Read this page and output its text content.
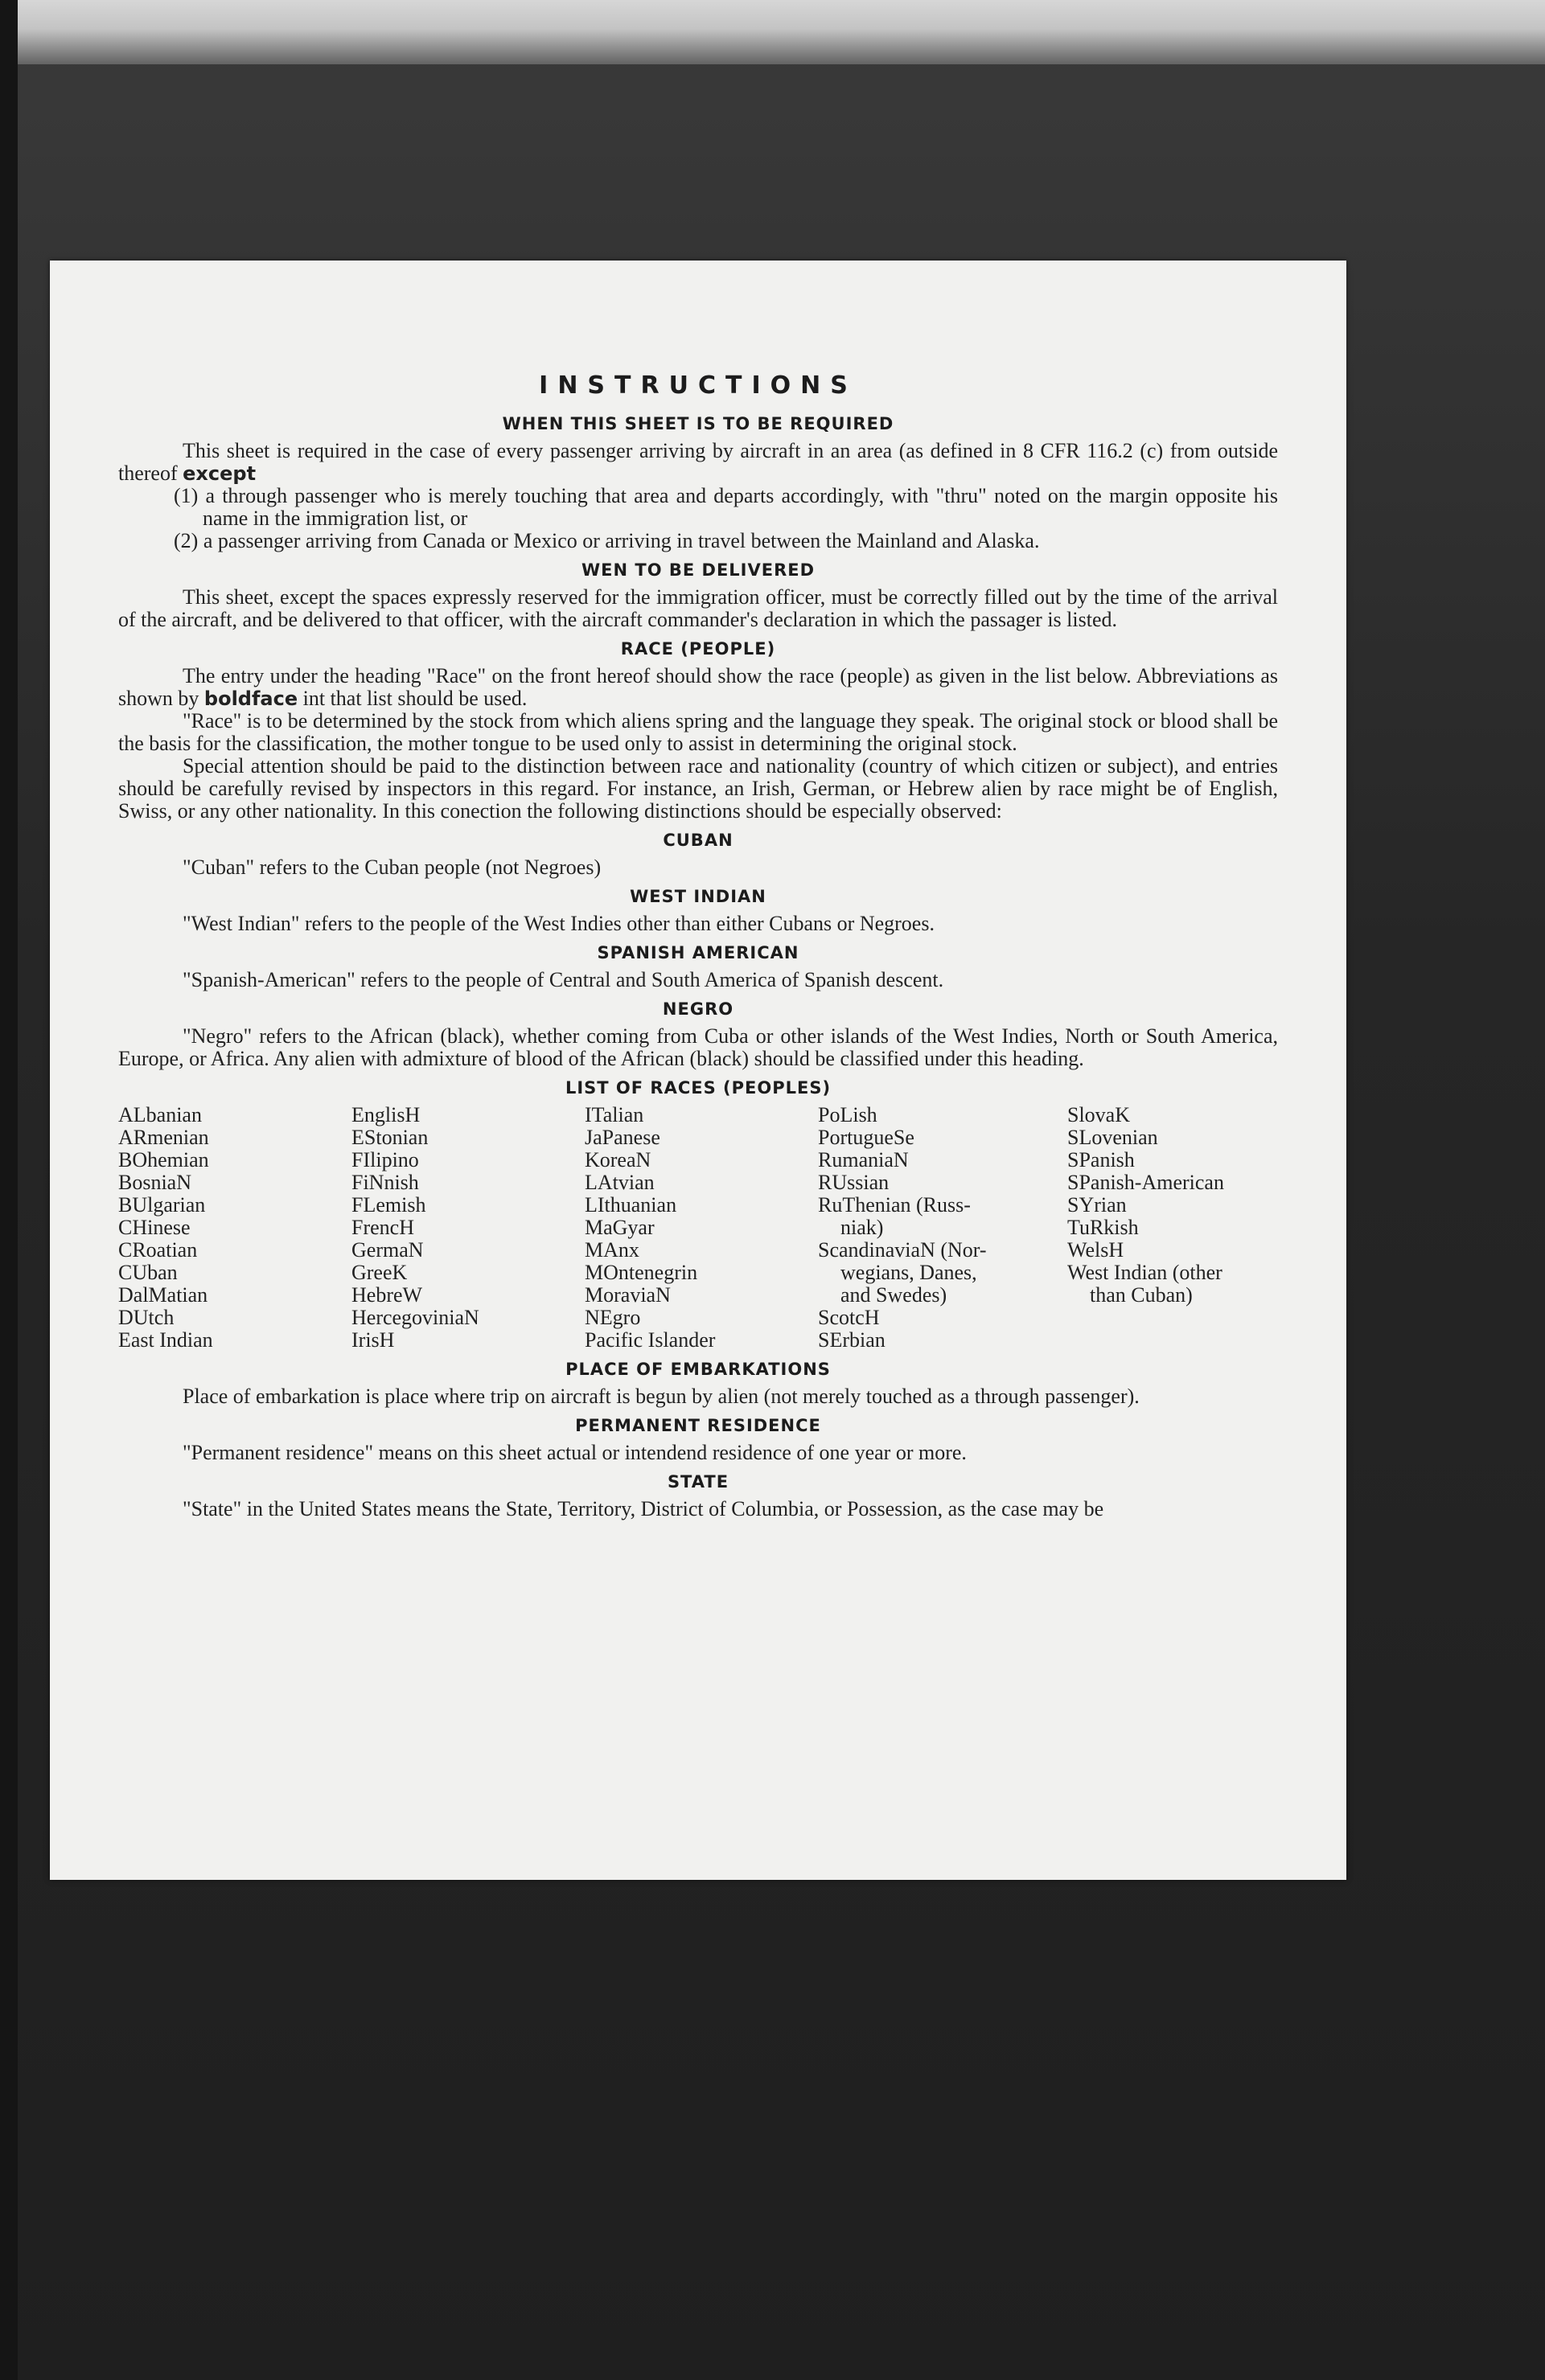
INSTRUCTIONS
WHEN THIS SHEET IS TO BE REQUIRED

This sheet is required in the case of every passenger arriving by aircraft in an area (as defined in 8 CFR 116.2 (c) from outside thereof except

(1) a through passenger who is merely touching that area and departs accordingly, with "thru" noted on the margin opposite his name in the immigration list, or
(2) a passenger arriving from Canada or Mexico or arriving in travel between the Mainland and Alaska.
WEN TO BE DELIVERED

This sheet, except the spaces expressly reserved for the immigration officer, must be correctly filled out by the time of the arrival of the aircraft, and be delivered to that officer, with the aircraft commander's declaration in which the passager is listed.

RACE (PEOPLE)

The entry under the heading "Race" on the front hereof should show the race (people) as given in the list below. Abbreviations as shown by boldface int that list should be used.

"Race" is to be determined by the stock from which aliens spring and the language they speak. The original stock or blood shall be the basis for the classification, the mother tongue to be used only to assist in determining the original stock.

Special attention should be paid to the distinction between race and nationality (country of which citizen or subject), and entries should be carefully revised by inspectors in this regard. For instance, an Irish, German, or Hebrew alien by race might be of English, Swiss, or any other nationality. In this conection the following distinctions should be especially observed:

CUBAN

"Cuban" refers to the Cuban people (not Negroes)

WEST INDIAN

"West Indian" refers to the people of the West Indies other than either Cubans or Negroes.

SPANISH AMERICAN

"Spanish-American" refers to the people of Central and South America of Spanish descent.

NEGRO

"Negro" refers to the African (black), whether coming from Cuba or other islands of the West Indies, North or South America, Europe, or Africa. Any alien with admixture of blood of the African (black) should be classified under this heading.

LIST OF RACES (PEOPLES)
ALbanian
ARmenian
BOhemian
BosniaN
BUlgarian
CHinese
CRoatian
CUban
DalMatian
DUtch
East Indian
EnglisH
EStonian
FIlipino
FiNnish
FLemish
FrencH
GermaN
GreeK
HebreW
HercegoviniaN
IrisH
ITalian
JaPanese
KoreaN
LAtvian
LIthuanian
MaGyar
MAnx
MOntenegrin
MoraviaN
NEgro
Pacific Islander
PoLish
PortugueSe
RumaniaN
RUssian
RuThenian (Russ-
niak)
ScandinaviaN (Nor-
wegians, Danes,
and Swedes)
ScotcH
SErbian
SlovaK
SLovenian
SPanish
SPanish-American
SYrian
TuRkish
WelsH
West Indian (other
than Cuban)
PLACE OF EMBARKATIONS

Place of embarkation is place where trip on aircraft is begun by alien (not merely touched as a through passenger).

PERMANENT RESIDENCE

"Permanent residence" means on this sheet actual or intendend residence of one year or more.

STATE

"State" in the United States means the State, Territory, District of Columbia, or Possession, as the case may be
